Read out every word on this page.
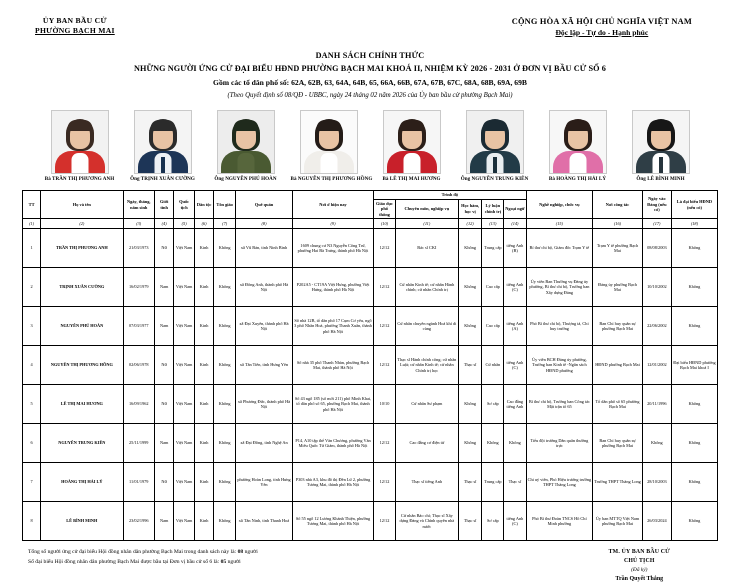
ỦY BAN BẦU CỬ
PHƯỜNG BẠCH MAI
CỘNG HÒA XÃ HỘI CHỦ NGHĨA VIỆT NAM
Độc lập - Tự do - Hạnh phúc
DANH SÁCH CHÍNH THỨC
NHỮNG NGƯỜI ỨNG CỬ ĐẠI BIỂU HĐND PHƯỜNG BẠCH MAI KHOÁ II, NHIỆM KỲ 2026 - 2031 Ở ĐƠN VỊ BẦU CỬ SỐ 6
Gồm các tổ dân phố số: 62A, 62B, 63, 64A, 64B, 65, 66A, 66B, 67A, 67B, 67C, 68A, 68B, 69A, 69B
(Theo Quyết định số 08/QĐ - UBBC, ngày 24 tháng 02 năm 2026 của Ủy ban bầu cử phường Bạch Mai)
Bà TRẦN THỊ PHƯƠNG ANH	Ông TRỊNH XUÂN CƯỜNG	Ông NGUYỄN PHÚ HOÀN	Bà NGUYỄN THỊ PHƯƠNG HỒNG	Bà LÊ THỊ MAI HƯƠNG	Ông NGUYỄN TRUNG KIÊN	Bà HOÀNG THỊ HẢI LÝ	Ông LÊ BÌNH MINH
TT	Họ và tên	Ngày, tháng, năm sinh	Giới tính	Quốc tịch	Dân tộc	Tôn giáo	Quê quán	Nơi ở hiện nay	Trình độ					Nghề nghiệp, chức vụ	Nơi công tác	Ngày vào Đảng (nếu có)	Là đại biểu HĐND (nếu có)
									Giáo dục phổ thông	Chuyên môn, nghiệp vụ	Học hàm, học vị	Lý luận chính trị	Ngoại ngữ				
(1)	(2)	(3)	(4)	(5)	(6)	(7)	(8)	(9)	(10)	(11)	(12)	(13)	(14)	(15)	(16)	(17)	(18)
1	TRẦN THỊ PHƯƠNG ANH	21/03/1973	Nữ	Việt Nam	Kinh	Không	xã Vũ Bản, tỉnh Ninh Bình	1609 chung cư N3 Nguyễn Công Trứ, phường Hai Bà Trưng, thành phố Hà Nội	12/12	Bác sĩ CKI	Không	Trung cấp	tiếng Anh (B)	Bí thư chi bộ, Giám đốc Trạm Y tế	Trạm Y tế phường Bạch Mai	08/08/2003	Không
2	TRỊNH XUÂN CƯỜNG	16/02/1979	Nam	Việt Nam	Kinh	Không	xã Đông Anh, thành phố Hà Nội	P202A5 - CT19A Việt Hưng, phường Việt Hưng, thành phố Hà Nội	12/12	Cử nhân Kinh tế; cử nhân Hành chính; cử nhân Chính trị	Không	Cao cấp	tiếng Anh (C)	Ủy viên Ban Thường vụ Đảng ủy phường, Bí thư chi bộ, Trưởng ban Xây dựng Đảng	Đảng ủy phường Bạch Mai	10/10/2002	Không
3	NGUYỄN PHÚ HOÀN	07/03/1977	Nam	Việt Nam	Kinh	Không	xã Đại Xuyên, thành phố Hà Nội	Số nhà 12B, tổ dân phố 17 Cụm Cơ yếu, ngõ 3 phố Nhân Hoà, phường Thanh Xuân, thành phố Hà Nội	12/12	Cử nhân chuyên ngành Hoá khí di cùng	Không	Cao cấp	tiếng Anh (A)	Phó Bí thư chi bộ, Thượng tá, Chỉ huy trưởng	Ban Chỉ huy quân sự phường Bạch Mai	22/06/2002	Không
4	NGUYỄN THỊ PHƯƠNG HỒNG	02/06/1978	Nữ	Việt Nam	Kinh	Không	xã Tân Tiến, tỉnh Hưng Yên	Số nhà 35 phố Thanh Nhàn, phường Bạch Mai, thành phố Hà Nội	12/12	Thạc sĩ Hành chính công; cử nhân Luật; cử nhân Kinh tế; cử nhân Chính trị học	Thạc sĩ	Cử nhân	tiếng Anh (C)	Ủy viên BCH Đảng ủy phường, Trưởng ban Kinh tế -Ngân sách HĐND phường	HĐND phường Bạch Mai	12/01/2002	Đại biểu HĐND phường Bạch Mai khoá I
5	LÊ THỊ MAI HƯƠNG	16/09/1962	Nữ	Việt Nam	Kinh	Không	xã Phương Đức, thành phố Hà Nội	Số 43 ngõ 185 (số mới 211) phố Minh Khai, tổ dân phố số 65, phường Bạch Mai, thành phố Hà Nội	10/10	Cử nhân Sư phạm	Không	Sơ cấp	Cao đẳng tiếng Anh	Bí thư chi bộ, Trưởng ban Công tác Mặt trận tổ 65	Tổ dân phố số 65 phường Bạch Mai	20/11/1996	Không
6	NGUYỄN TRUNG KIÊN	25/11/1999	Nam	Việt Nam	Kinh	Không	xã Đại Đồng, tỉnh Nghệ An	P14, A10 tập thể Văn Chương, phường Văn Miếu Quốc Tử Giám, thành phố Hà Nội	12/12	Cao đẳng cơ điện tử	Không	Không	Không	Tiểu đội trưởng Dân quân thường trực	Ban Chỉ huy quân sự phường Bạch Mai	Không	Không
7	HOÀNG THỊ HẢI LÝ	11/01/1979	Nữ	Việt Nam	Kinh	Không	phường Hoàn Long, tỉnh Hưng Yên	P303 nhà A3, khu đô thị Đền Lừ 2, phường Tương Mai, thành phố Hà Nội	12/12	Thạc sĩ tiếng Anh	Thạc sĩ	Trung cấp	Thạc sĩ	Chi uỷ viên, Phó Hiệu trưởng trường THPT Thăng Long	Trường THPT Thăng Long	28/10/2003	Không
8	LÊ BÌNH MINH	23/02/1996	Nam	Việt Nam	Kinh	Không	xã Tân Ninh, tỉnh Thanh Hoá	Số 55 ngõ 12 Lương Khánh Thiện, phường Tương Mai, thành phố Hà Nội	12/12	Cử nhân Báo chí; Thạc sĩ Xây dựng Đảng và Chính quyền nhà nước	Thạc sĩ	Sơ cấp	tiếng Anh (C)	Phó Bí thư Đoàn TNCS Hồ Chí Minh phường	Ủy ban MTTQ Việt Nam phường Bạch Mai	26/03/2024	Không
Tổng số người ứng cử đại biểu Hội đồng nhân dân phường Bạch Mai trong danh sách này là: 08 người
Số đại biểu Hội đồng nhân dân phường Bạch Mai được bầu tại Đơn vị bầu cử số 6 là: 05 người
TM. ỦY BAN BẦU CỬ
CHỦ TỊCH
(Đã ký)
Trần Quyết Thắng
